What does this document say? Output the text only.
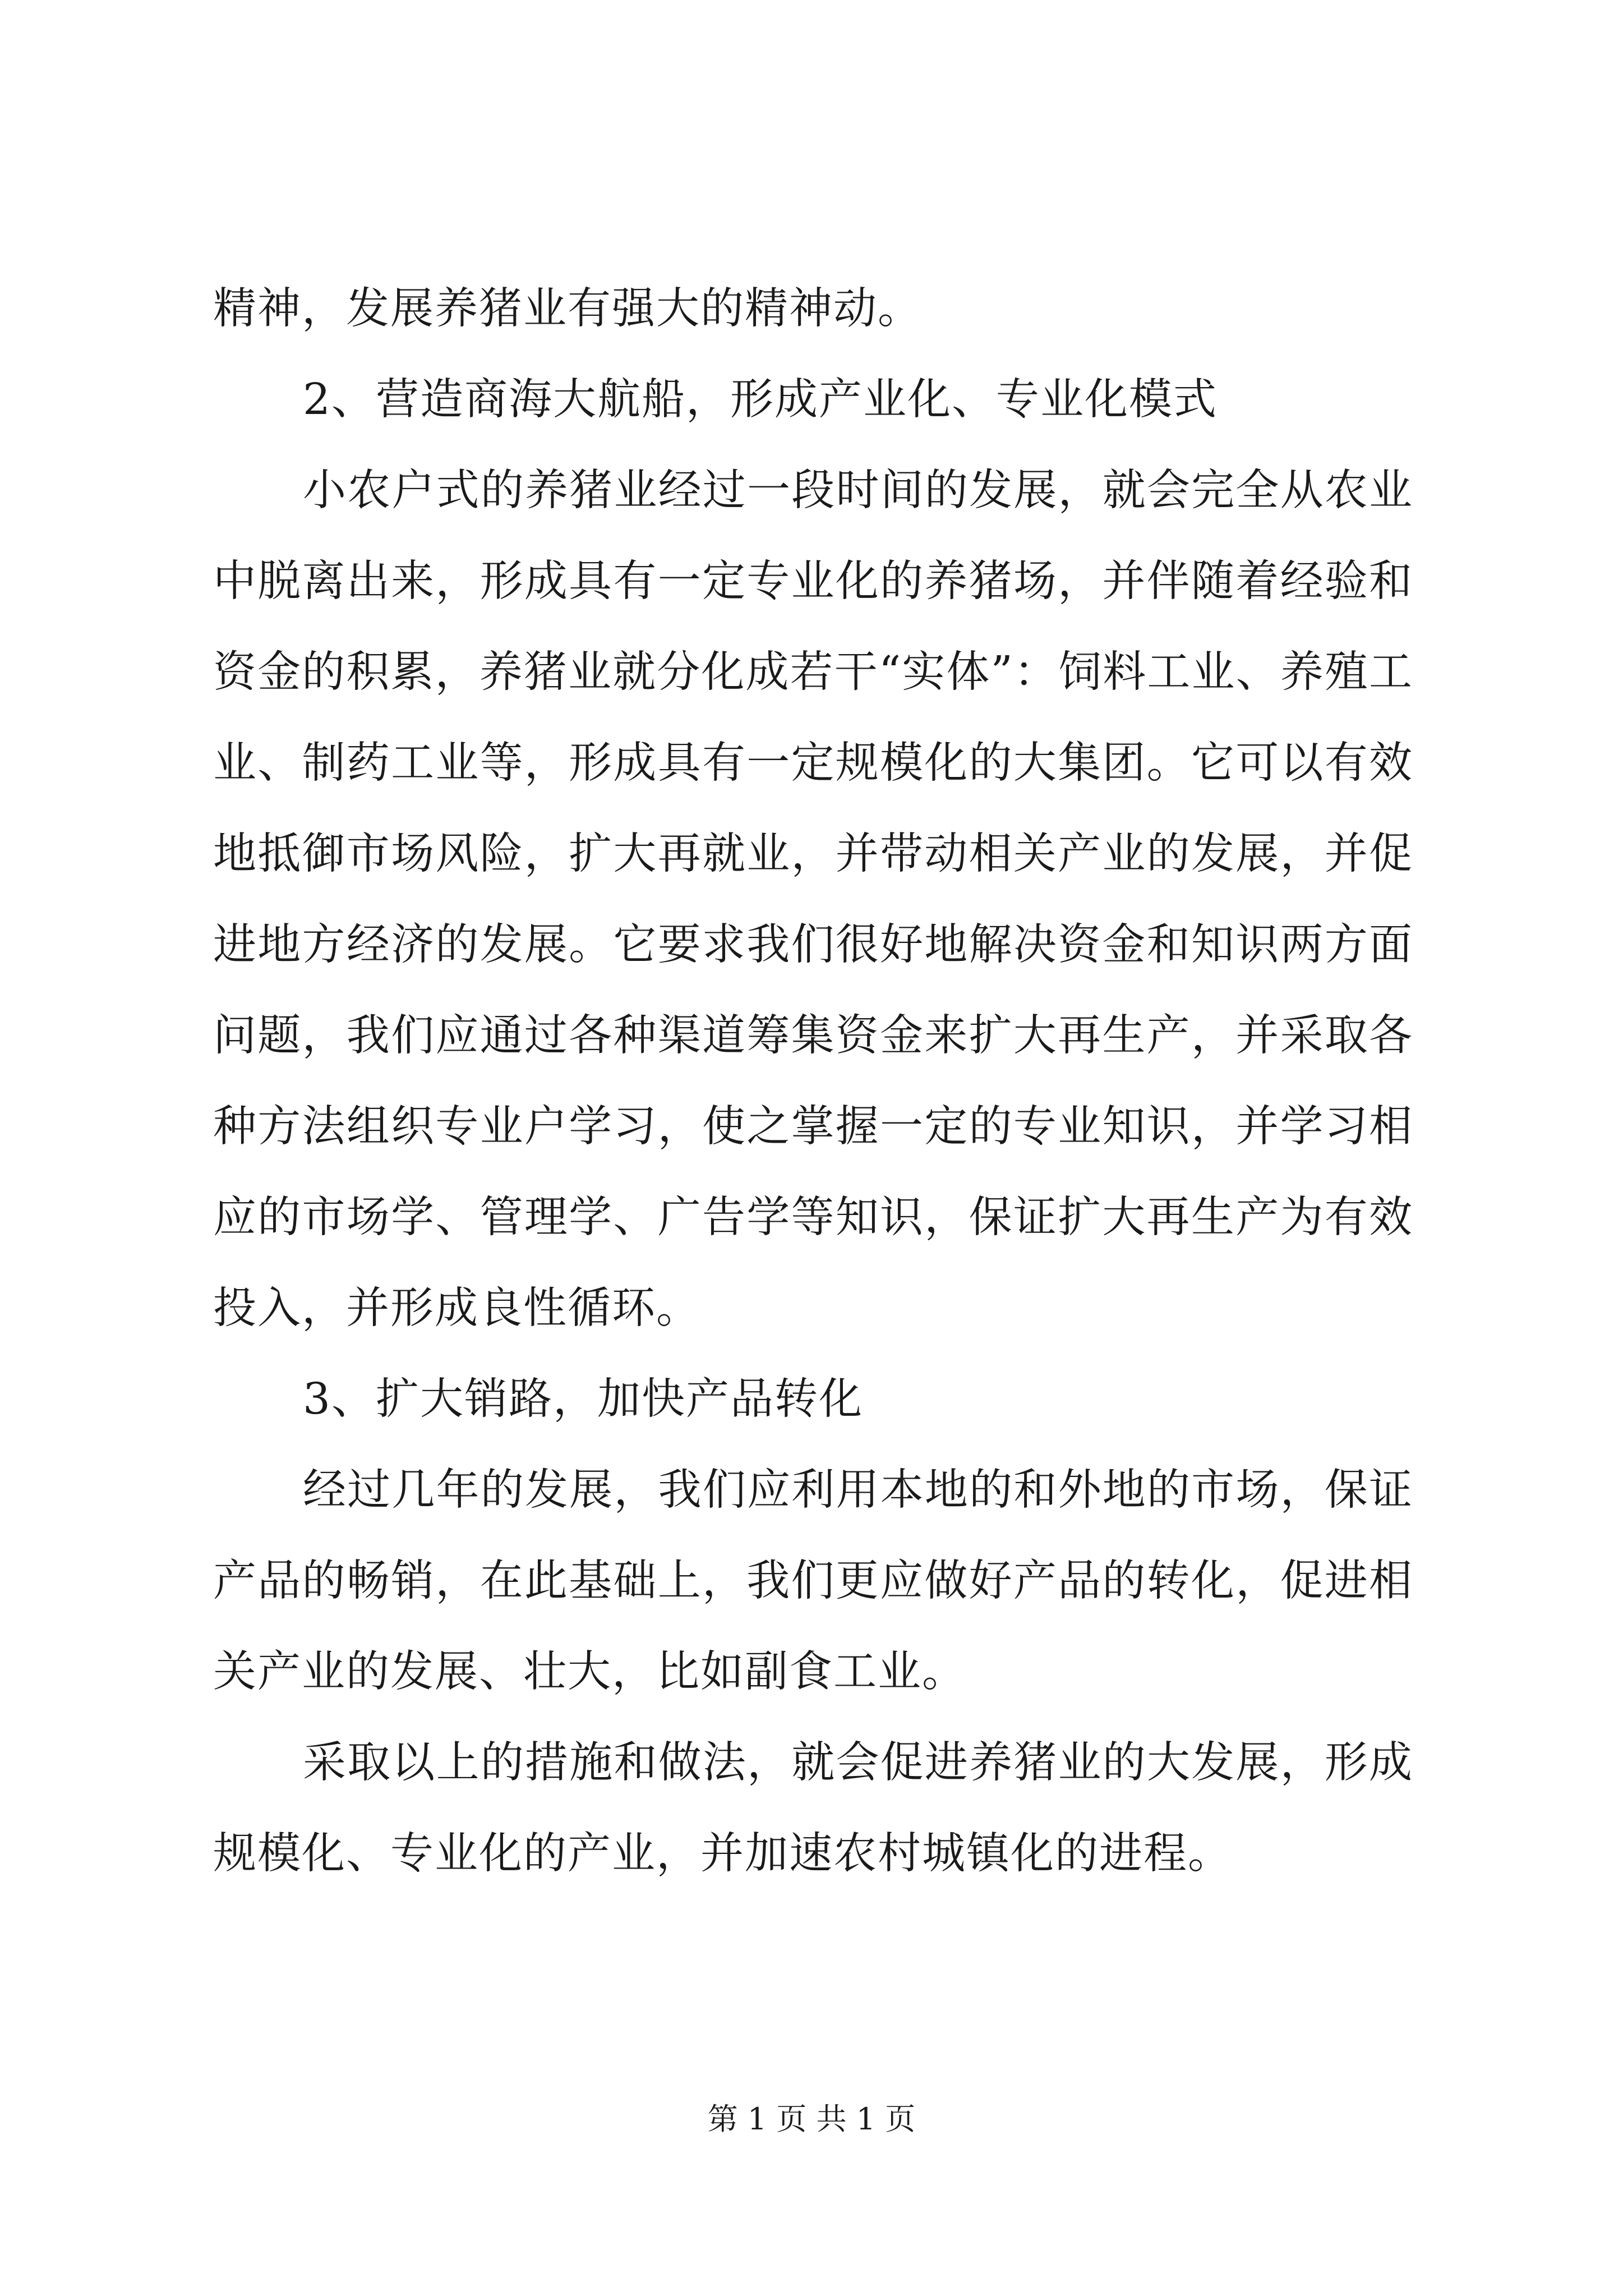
精神，发展养猪业有强大的精神动。

2、营造商海大航船，形成产业化、专业化模式

小农户式的养猪业经过一段时间的发展，就会完全从农业中脱离出来，形成具有一定专业化的养猪场，并伴随着经验和资金的积累，养猪业就分化成若干“实体”：饲料工业、养殖工业、制药工业等，形成具有一定规模化的大集团。它可以有效地抵御市场风险，扩大再就业，并带动相关产业的发展，并促进地方经济的发展。它要求我们很好地解决资金和知识两方面问题，我们应通过各种渠道筹集资金来扩大再生产，并采取各种方法组织专业户学习，使之掌握一定的专业知识，并学习相应的市场学、管理学、广告学等知识，保证扩大再生产为有效投入，并形成良性循环。

3、扩大销路，加快产品转化

经过几年的发展，我们应利用本地的和外地的市场，保证产品的畅销，在此基础上，我们更应做好产品的转化，促进相关产业的发展、壮大，比如副食工业。

采取以上的措施和做法，就会促进养猪业的大发展，形成规模化、专业化的产业，并加速农村城镇化的进程。

第 1 页 共 1 页
